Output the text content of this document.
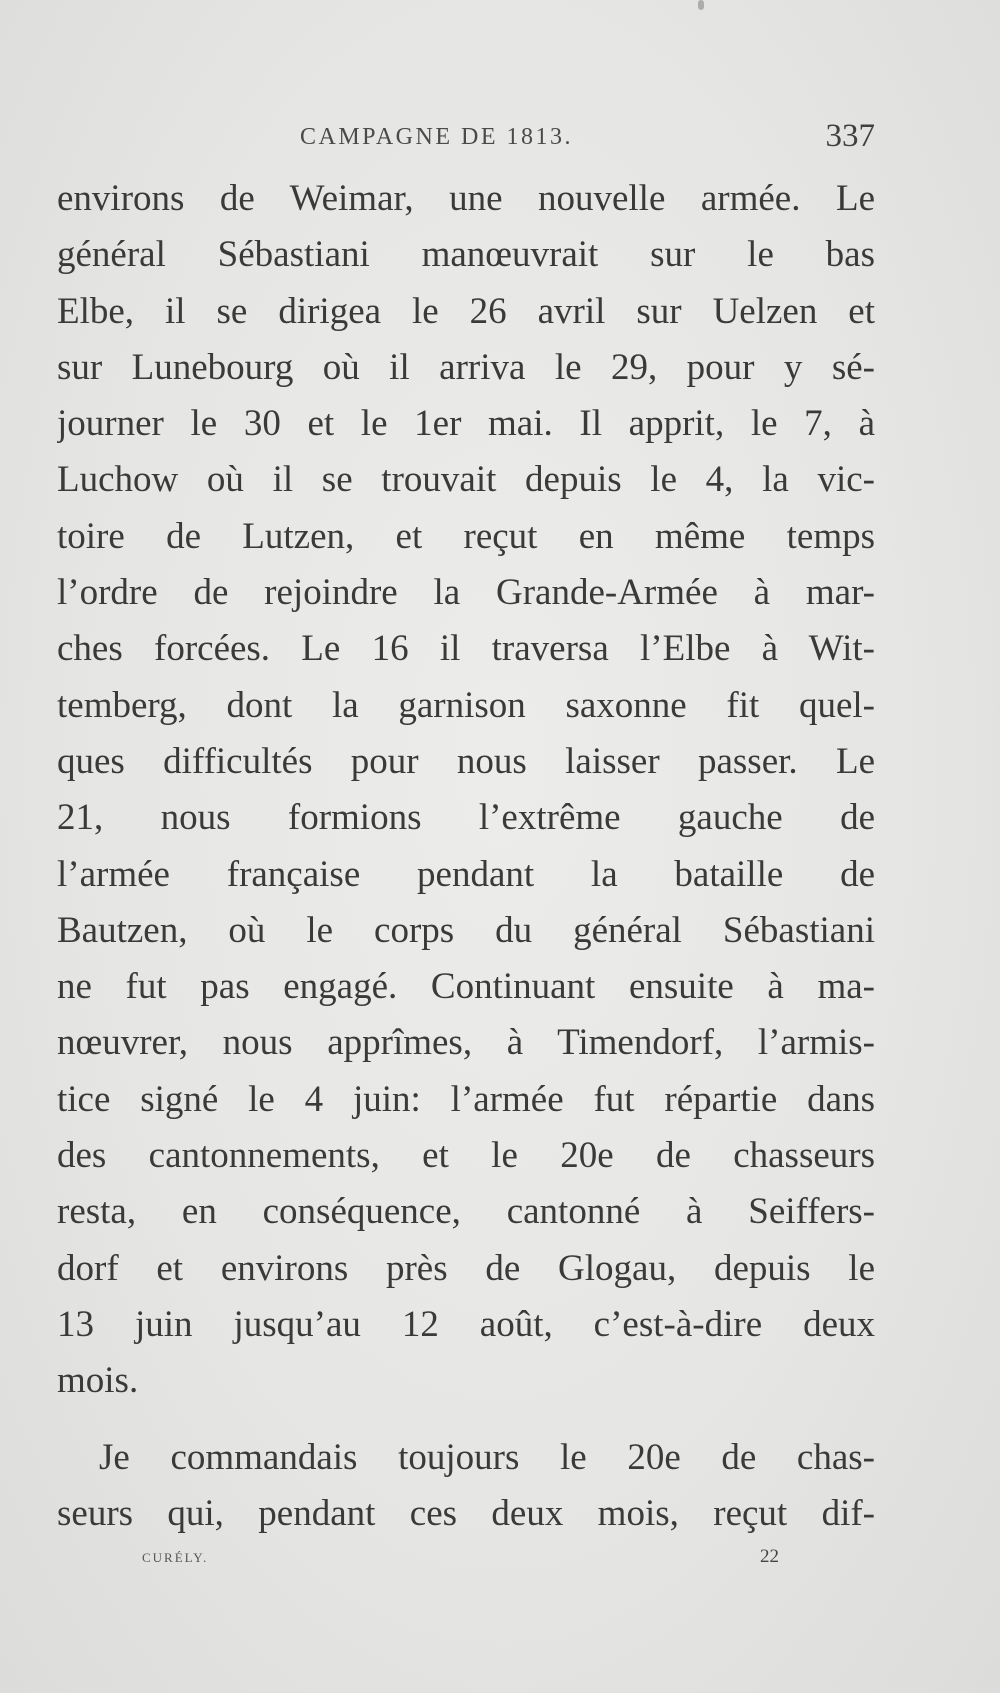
CAMPAGNE DE 1813.	337
environs de Weimar, une nouvelle armée. Le
général Sébastiani manœuvrait sur le bas
Elbe, il se dirigea le 26 avril sur Uelzen et
sur Lunebourg où il arriva le 29, pour y sé-
journer le 30 et le 1er mai. Il apprit, le 7, à
Luchow où il se trouvait depuis le 4, la vic-
toire de Lutzen, et reçut en même temps
l’ordre de rejoindre la Grande-Armée à mar-
ches forcées. Le 16 il traversa l’Elbe à Wit-
temberg, dont la garnison saxonne fit quel-
ques difficultés pour nous laisser passer. Le
21, nous formions l’extrême gauche de
l’armée française pendant la bataille de
Bautzen, où le corps du général Sébastiani
ne fut pas engagé. Continuant ensuite à ma-
nœuvrer, nous apprîmes, à Timendorf, l’armis-
tice signé le 4 juin: l’armée fut répartie dans
des cantonnements, et le 20e de chasseurs
resta, en conséquence, cantonné à Seiffers-
dorf et environs près de Glogau, depuis le
13 juin jusqu’au 12 août, c’est-à-dire deux
mois.
Je commandais toujours le 20e de chas-
seurs qui, pendant ces deux mois, reçut dif-
CURÉLY.	22
